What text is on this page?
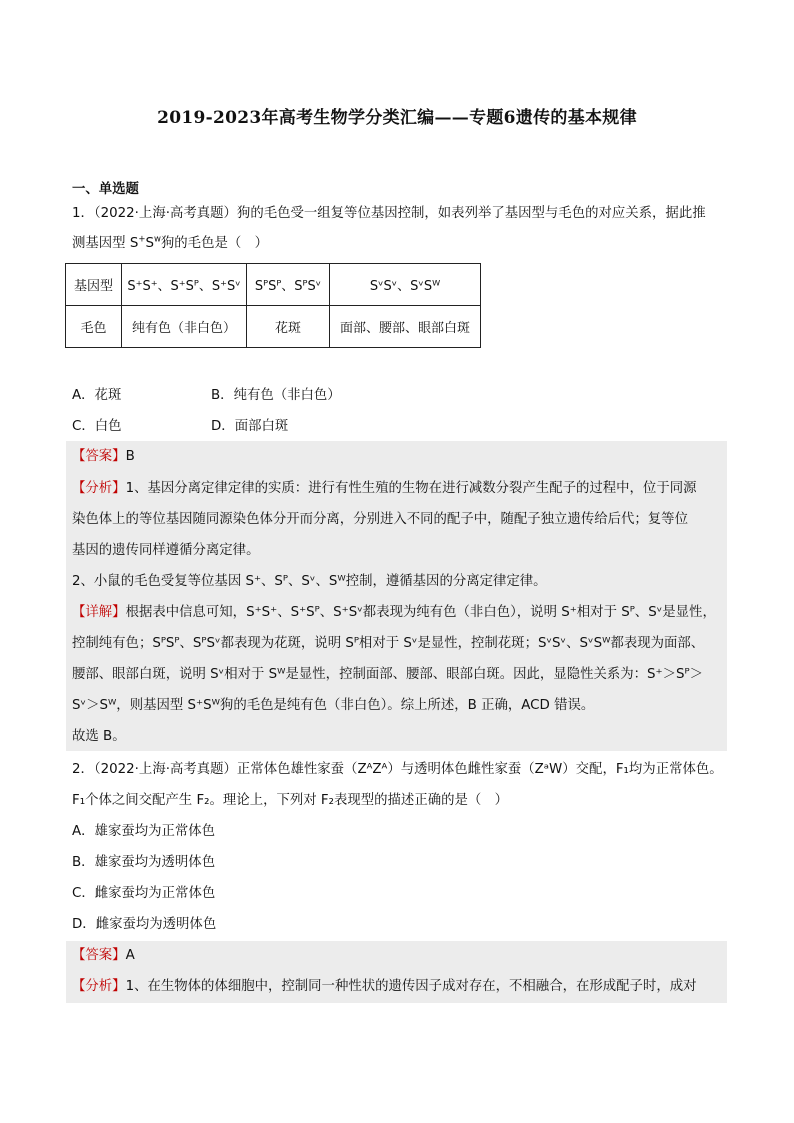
2019-2023年高考生物学分类汇编——专题6遗传的基本规律
一、单选题
1．（2022·上海·高考真题）狗的毛色受一组复等位基因控制，如表列举了基因型与毛色的对应关系，据此推
测基因型 $S^+S^w$狗的毛色是（　）
基因型	S⁺S⁺、S⁺Sᴾ、S⁺Sᵛ	SᴾSᴾ、SᴾSᵛ	SᵛSᵛ、SᵛSᵂ
毛色	纯有色（非白色）	花斑	面部、腰部、眼部白斑
A．花斑	B．纯有色（非白色）
C．白色	D．面部白斑
【答案】B
【分析】1、基因分离定律定律的实质：进行有性生殖的生物在进行减数分裂产生配子的过程中，位于同源
染色体上的等位基因随同源染色体分开而分离，分别进入不同的配子中，随配子独立遗传给后代；复等位
基因的遗传同样遵循分离定律。
2、小鼠的毛色受复等位基因 S⁺、Sᴾ、Sᵛ、Sᵂ控制，遵循基因的分离定律定律。
【详解】根据表中信息可知，S⁺S⁺、S⁺Sᴾ、S⁺Sᵛ都表现为纯有色（非白色），说明 S⁺相对于 Sᴾ、Sᵛ是显性，
控制纯有色；SᴾSᴾ、SᴾSᵛ都表现为花斑，说明 Sᴾ相对于 Sᵛ是显性，控制花斑；SᵛSᵛ、SᵛSᵂ都表现为面部、
腰部、眼部白斑，说明 Sᵛ相对于 Sᵂ是显性，控制面部、腰部、眼部白斑。因此，显隐性关系为：S⁺＞Sᴾ＞
Sᵛ＞Sᵂ，则基因型 S⁺Sᵂ狗的毛色是纯有色（非白色）。综上所述，B 正确，ACD 错误。
故选 B。
2．（2022·上海·高考真题）正常体色雄性家蚕（ZᴬZᴬ）与透明体色雌性家蚕（ZᵃW）交配，F₁均为正常体色。
F₁个体之间交配产生 F₂。理论上，下列对 F₂表现型的描述正确的是（　）
A．雄家蚕均为正常体色
B．雄家蚕均为透明体色
C．雌家蚕均为正常体色
D．雌家蚕均为透明体色
【答案】A
【分析】1、在生物体的体细胞中，控制同一种性状的遗传因子成对存在，不相融合，在形成配子时，成对
